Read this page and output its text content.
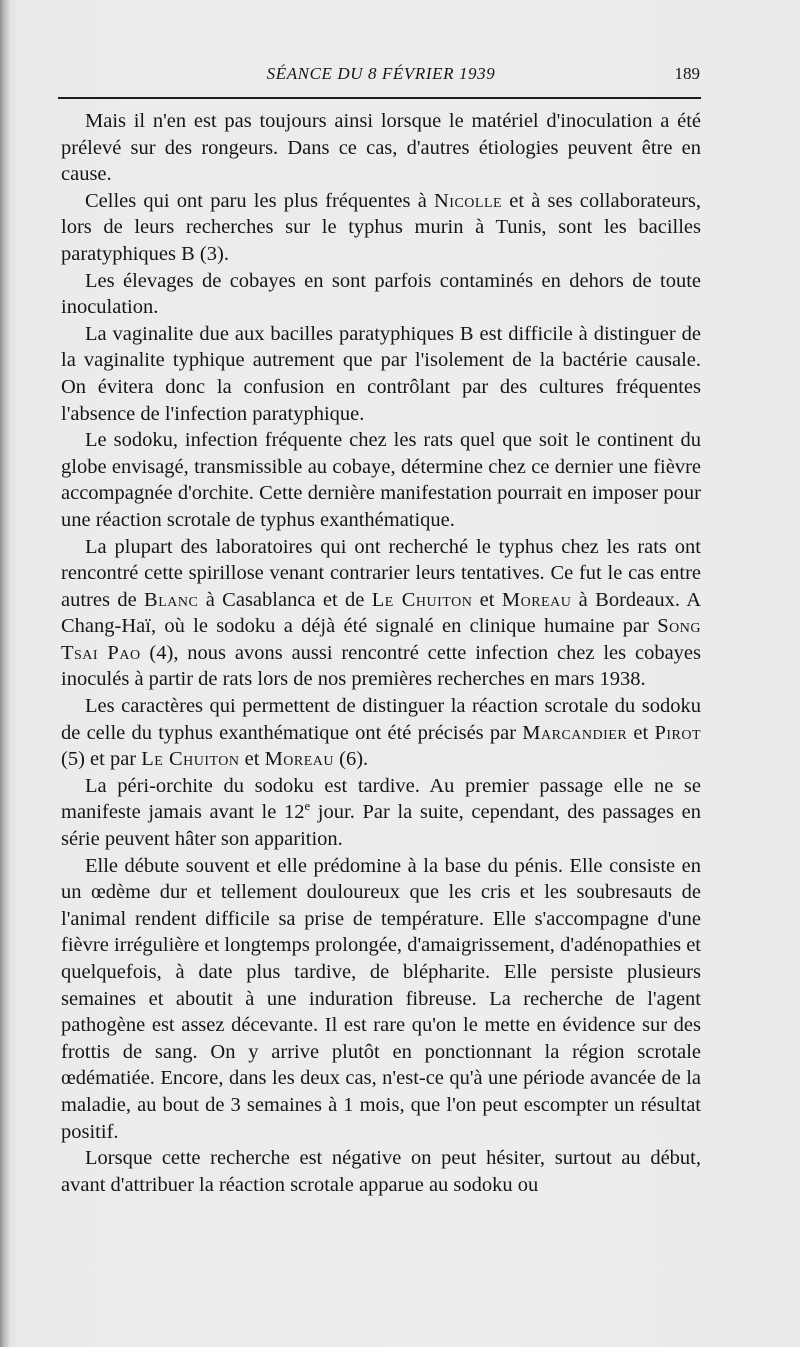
SÉANCE DU 8 FÉVRIER 1939	189

Mais il n'en est pas toujours ainsi lorsque le matériel d'inoculation a été prélevé sur des rongeurs. Dans ce cas, d'autres étiologies peuvent être en cause.

Celles qui ont paru les plus fréquentes à Nicolle et à ses collaborateurs, lors de leurs recherches sur le typhus murin à Tunis, sont les bacilles paratyphiques B (3).

Les élevages de cobayes en sont parfois contaminés en dehors de toute inoculation.

La vaginalite due aux bacilles paratyphiques B est difficile à distinguer de la vaginalite typhique autrement que par l'isolement de la bactérie causale. On évitera donc la confusion en contrôlant par des cultures fréquentes l'absence de l'infection paratyphique.

Le sodoku, infection fréquente chez les rats quel que soit le continent du globe envisagé, transmissible au cobaye, détermine chez ce dernier une fièvre accompagnée d'orchite. Cette dernière manifestation pourrait en imposer pour une réaction scrotale de typhus exanthématique.

La plupart des laboratoires qui ont recherché le typhus chez les rats ont rencontré cette spirillose venant contrarier leurs tentatives. Ce fut le cas entre autres de Blanc à Casablanca et de Le Chuiton et Moreau à Bordeaux. A Chang-Haï, où le sodoku a déjà été signalé en clinique humaine par Song Tsai Pao (4), nous avons aussi rencontré cette infection chez les cobayes inoculés à partir de rats lors de nos premières recherches en mars 1938.

Les caractères qui permettent de distinguer la réaction scrotale du sodoku de celle du typhus exanthématique ont été précisés par Marcandier et Pirot (5) et par Le Chuiton et Moreau (6).

La péri-orchite du sodoku est tardive. Au premier passage elle ne se manifeste jamais avant le 12e jour. Par la suite, cependant, des passages en série peuvent hâter son apparition.

Elle débute souvent et elle prédomine à la base du pénis. Elle consiste en un œdème dur et tellement douloureux que les cris et les soubresauts de l'animal rendent difficile sa prise de température. Elle s'accompagne d'une fièvre irrégulière et longtemps prolongée, d'amaigrissement, d'adénopathies et quelquefois, à date plus tardive, de blépharite. Elle persiste plusieurs semaines et aboutit à une induration fibreuse. La recherche de l'agent pathogène est assez décevante. Il est rare qu'on le mette en évidence sur des frottis de sang. On y arrive plutôt en ponctionnant la région scrotale œdématiée. Encore, dans les deux cas, n'est-ce qu'à une période avancée de la maladie, au bout de 3 semaines à 1 mois, que l'on peut escompter un résultat positif.

Lorsque cette recherche est négative on peut hésiter, surtout au début, avant d'attribuer la réaction scrotale apparue au sodoku ou
